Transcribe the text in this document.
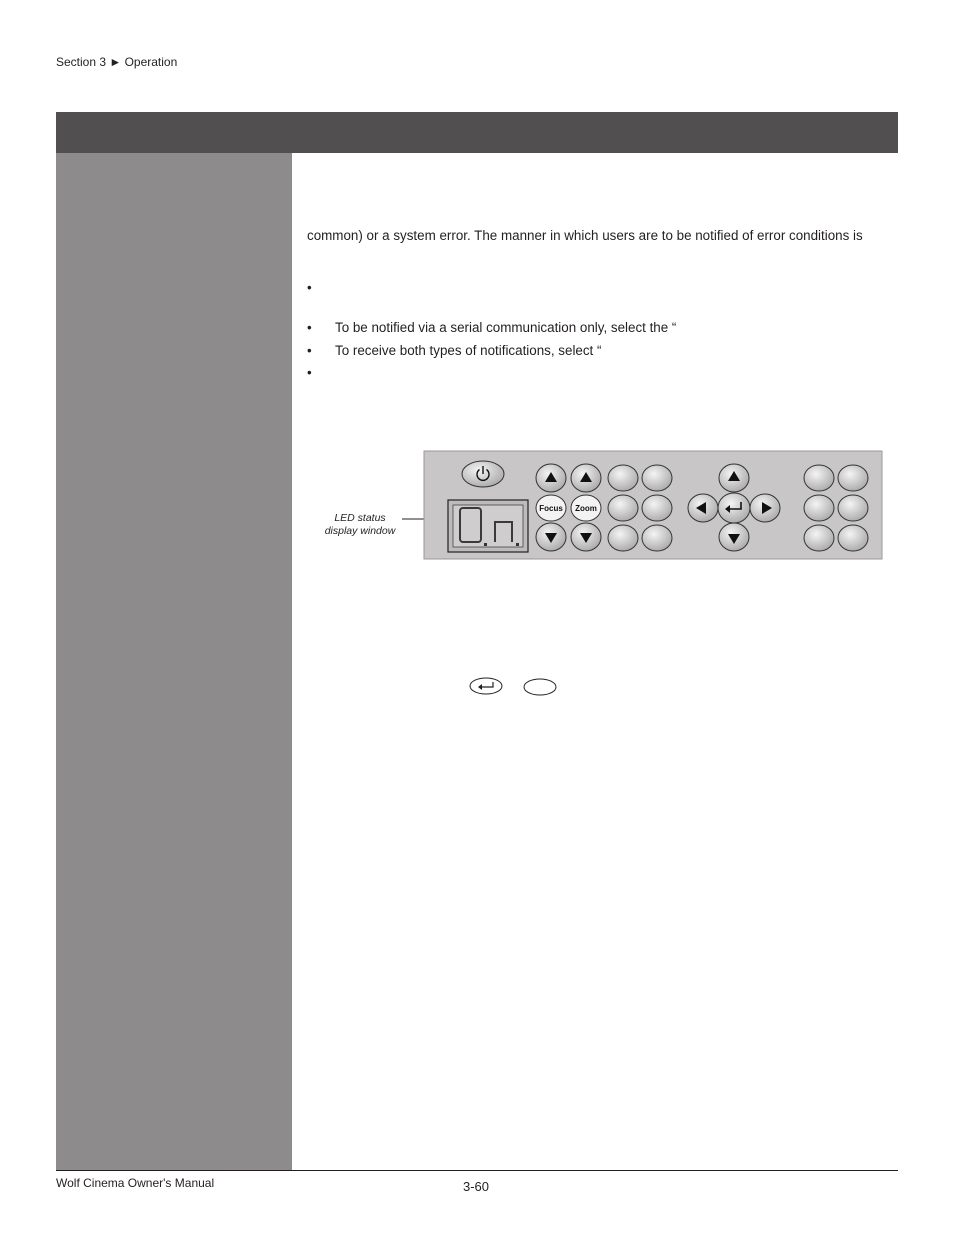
Section 3 ► Operation
common) or a system error. The manner in which users are to be notified of error conditions is
•
• To be notified via a serial communication only, select the “
• To receive both types of notifications, select “
•
LED status
display window
Focus Zoom
Wolf Cinema Owner's Manual	3-60
